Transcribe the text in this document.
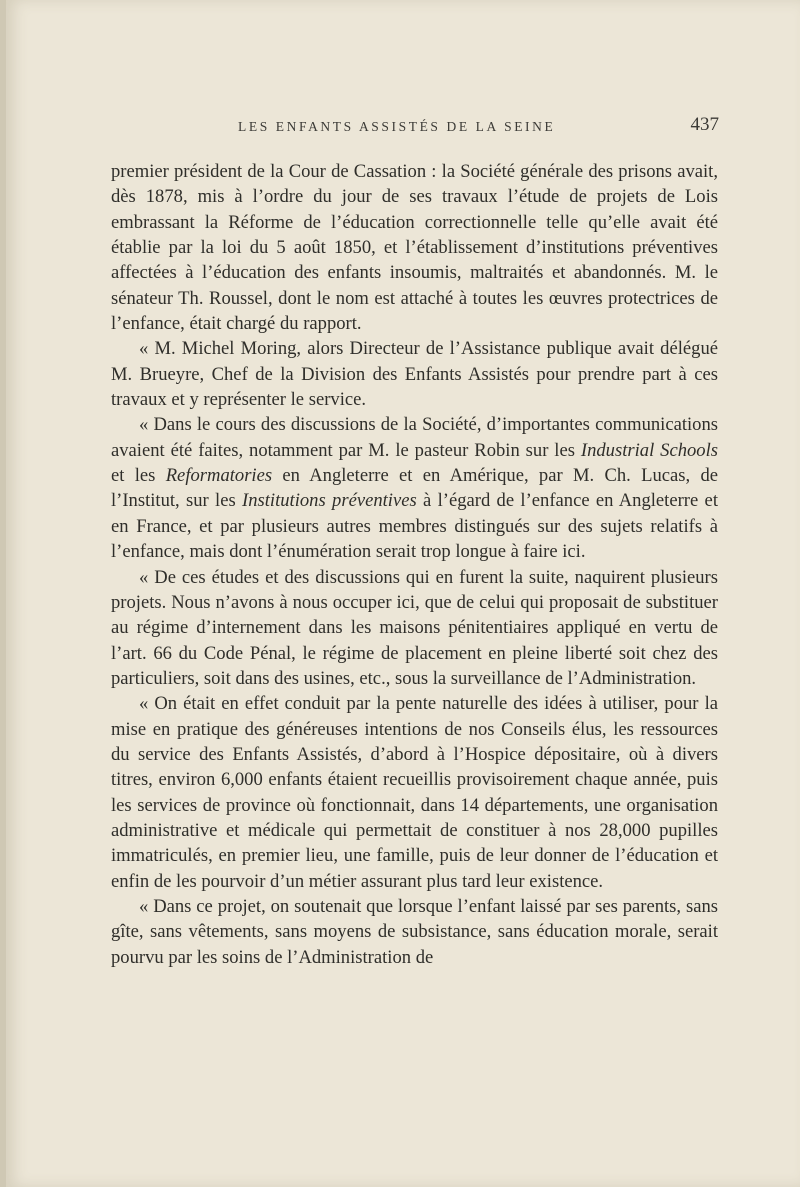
LES ENFANTS ASSISTÉS DE LA SEINE	437

premier président de la Cour de Cassation : la Société générale des prisons avait, dès 1878, mis à l’ordre du jour de ses travaux l’étude de projets de Lois embrassant la Réforme de l’éducation correctionnelle telle qu’elle avait été établie par la loi du 5 août 1850, et l’établissement d’institutions préventives affectées à l’éducation des enfants insoumis, maltraités et abandonnés. M. le sénateur Th. Roussel, dont le nom est attaché à toutes les œuvres protectrices de l’enfance, était chargé du rapport.

« M. Michel Moring, alors Directeur de l’Assistance publique avait délégué M. Brueyre, Chef de la Division des Enfants Assistés pour prendre part à ces travaux et y représenter le service.

« Dans le cours des discussions de la Société, d’importantes communications avaient été faites, notamment par M. le pasteur Robin sur les Industrial Schools et les Reformatories en Angleterre et en Amérique, par M. Ch. Lucas, de l’Institut, sur les Institutions préventives à l’égard de l’enfance en Angleterre et en France, et par plusieurs autres membres distingués sur des sujets relatifs à l’enfance, mais dont l’énumération serait trop longue à faire ici.

« De ces études et des discussions qui en furent la suite, naquirent plusieurs projets. Nous n’avons à nous occuper ici, que de celui qui proposait de substituer au régime d’internement dans les maisons pénitentiaires appliqué en vertu de l’art. 66 du Code Pénal, le régime de placement en pleine liberté soit chez des particuliers, soit dans des usines, etc., sous la surveillance de l’Administration.

« On était en effet conduit par la pente naturelle des idées à utiliser, pour la mise en pratique des généreuses intentions de nos Conseils élus, les ressources du service des Enfants Assistés, d’abord à l’Hospice dépositaire, où à divers titres, environ 6,000 enfants étaient recueillis provisoirement chaque année, puis les services de province où fonctionnait, dans 14 départements, une organisation administrative et médicale qui permettait de constituer à nos 28,000 pupilles immatriculés, en premier lieu, une famille, puis de leur donner de l’éducation et enfin de les pourvoir d’un métier assurant plus tard leur existence.

« Dans ce projet, on soutenait que lorsque l’enfant laissé par ses parents, sans gîte, sans vêtements, sans moyens de subsistance, sans éducation morale, serait pourvu par les soins de l’Administration de
